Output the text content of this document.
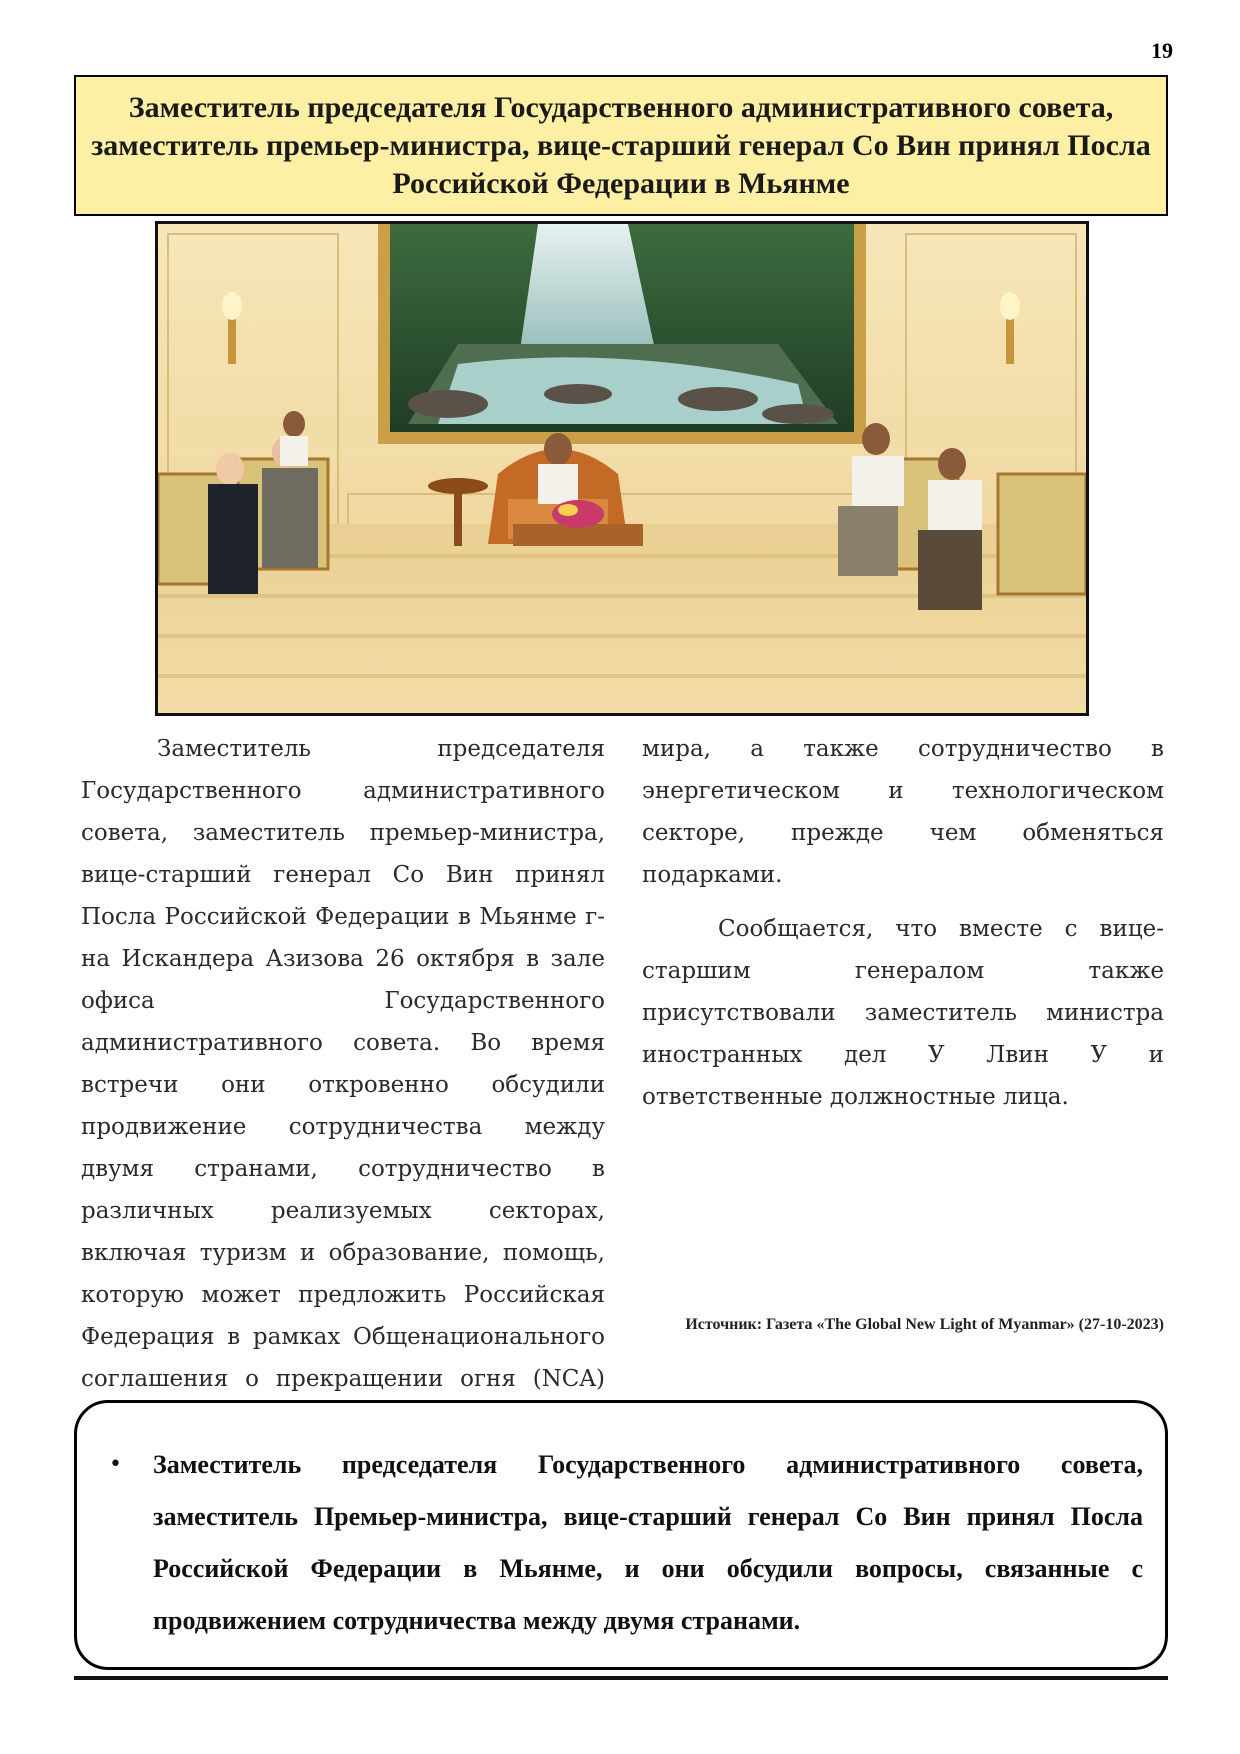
19
Заместитель председателя Государственного административного совета, заместитель премьер-министра, вице-старший генерал Со Вин принял Посла Российской Федерации в Мьянме

Заместитель председателя Государственного административного совета, заместитель премьер-министра, вице-старший генерал Со Вин принял Посла Российской Федерации в Мьянме г-на Искандера Азизова 26 октября в зале офиса Государственного административного совета. Во время встречи они откровенно обсудили продвижение сотрудничества между двумя странами, сотрудничество в различных реализуемых секторах, включая туризм и образование, помощь, которую может предложить Российская Федерация в рамках Общенационального соглашения о прекращении огня (NCA)

мира, а также сотрудничество в энергетическом и технологическом секторе, прежде чем обменяться подарками.

Сообщается, что вместе с вице-старшим генералом также присутствовали заместитель министра иностранных дел У Лвин У и ответственные должностные лица.

Источник: Газета «The Global New Light of Myanmar» (27-10-2023)
•	Заместитель председателя Государственного административного совета, заместитель Премьер-министра, вице-старший генерал Со Вин принял Посла Российской Федерации в Мьянме, и они обсудили вопросы, связанные с продвижением сотрудничества между двумя странами.
